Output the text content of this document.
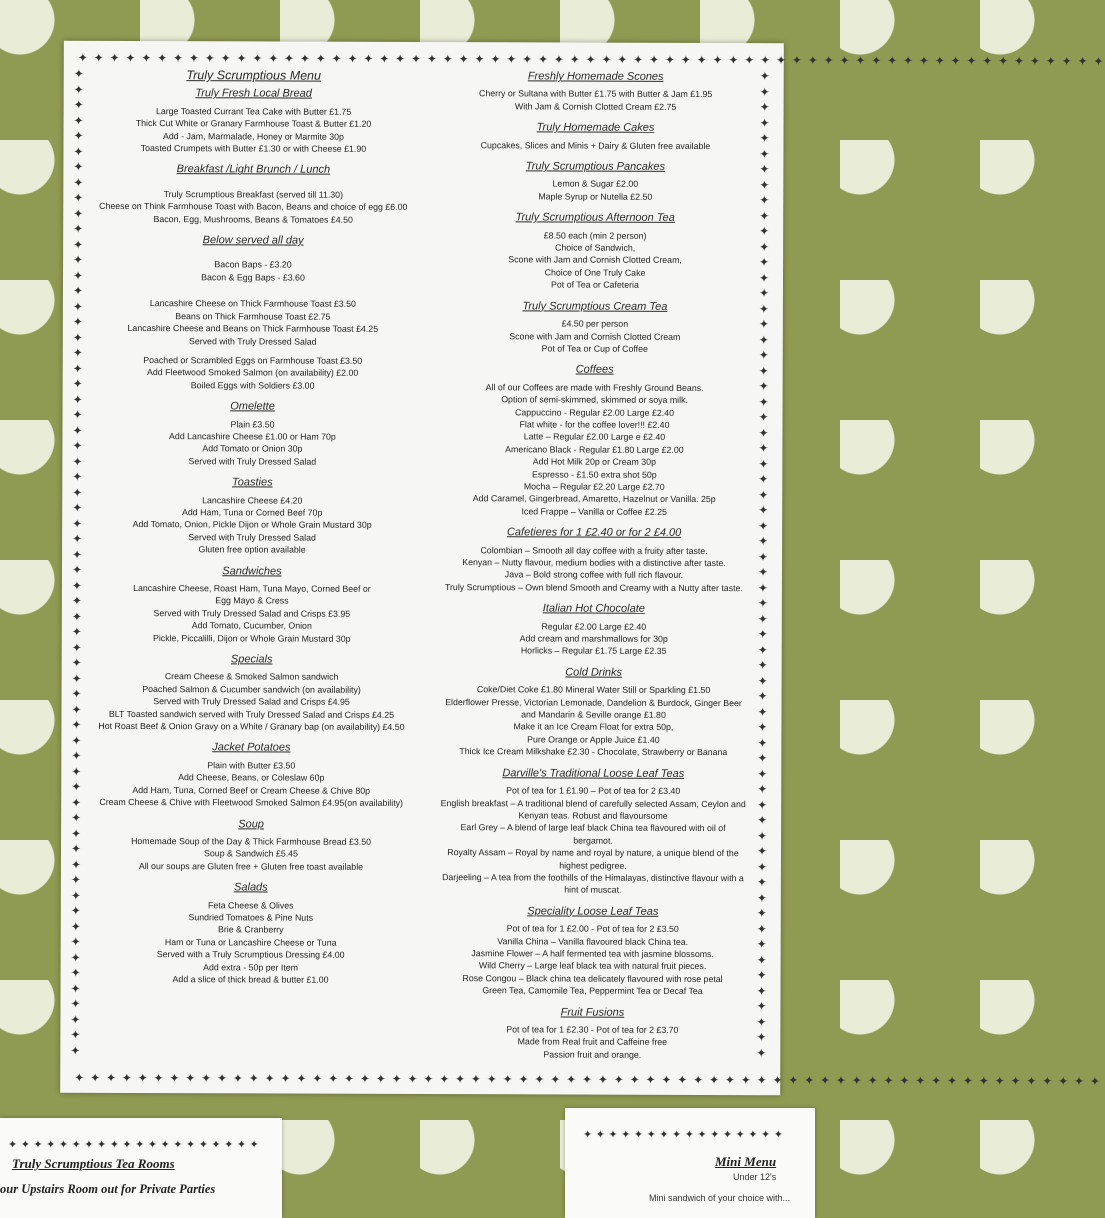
✦ ✦ ✦ ✦ ✦ ✦ ✦ ✦ ✦ ✦ ✦ ✦ ✦ ✦ ✦ ✦ ✦ ✦ ✦ ✦ ✦ ✦ ✦ ✦ ✦ ✦ ✦ ✦ ✦ ✦ ✦ ✦ ✦ ✦ ✦ ✦ ✦ ✦ ✦ ✦ ✦ ✦ ✦ ✦ ✦ ✦ ✦ ✦ ✦ ✦ ✦ ✦ ✦ ✦ ✦ ✦ ✦ ✦ ✦ ✦ ✦ ✦ ✦ ✦ ✦
✦✦✦✦✦✦✦✦✦✦✦✦✦✦✦✦✦✦✦✦✦✦✦✦✦✦✦✦✦✦✦✦✦✦✦✦✦✦✦✦✦✦✦✦✦✦✦✦✦✦✦✦✦✦✦✦✦✦✦✦✦✦✦✦
✦✦✦✦✦✦✦✦✦✦✦✦✦✦✦✦✦✦✦✦✦✦✦✦✦✦✦✦✦✦✦✦✦✦✦✦✦✦✦✦✦✦✦✦✦✦✦✦✦✦✦✦✦✦✦✦✦✦✦✦✦✦✦✦
✦ ✦ ✦ ✦ ✦ ✦ ✦ ✦ ✦ ✦ ✦ ✦ ✦ ✦ ✦ ✦ ✦ ✦ ✦ ✦ ✦ ✦ ✦ ✦ ✦ ✦ ✦ ✦ ✦ ✦ ✦ ✦ ✦ ✦ ✦ ✦ ✦ ✦ ✦ ✦ ✦ ✦ ✦ ✦ ✦ ✦ ✦ ✦ ✦ ✦ ✦ ✦ ✦ ✦ ✦ ✦ ✦ ✦ ✦ ✦ ✦ ✦ ✦ ✦ ✦
Truly Scrumptious Menu
Truly Fresh Local Bread
Large Toasted Currant Tea Cake with Butter £1.75
Thick Cut White or Granary Farmhouse Toast & Butter £1.20
Add - Jam, Marmalade, Honey or Marmite 30p
Toasted Crumpets with Butter £1.30 or with Cheese £1.90
Breakfast /Light Brunch / Lunch
Truly Scrumptious Breakfast (served till 11.30)
Cheese on Think Farmhouse Toast with Bacon, Beans and choice of egg £6.00
Bacon, Egg, Mushrooms, Beans & Tomatoes £4.50
Below served all day
Bacon Baps - £3.20
Bacon & Egg Baps - £3.60
Lancashire Cheese on Thick Farmhouse Toast £3.50
Beans on Thick Farmhouse Toast £2.75
Lancashire Cheese and Beans on Thick Farmhouse Toast £4.25
Served with Truly Dressed Salad
Poached or Scrambled Eggs on Farmhouse Toast £3.50
Add Fleetwood Smoked Salmon (on availability) £2.00
Boiled Eggs with Soldiers £3.00
Omelette
Plain £3.50
Add Lancashire Cheese £1.00 or Ham 70p
Add Tomato or Onion 30p
Served with Truly Dressed Salad
Toasties
Lancashire Cheese £4.20
Add Ham, Tuna or Corned Beef 70p
Add Tomato, Onion, Pickle Dijon or Whole Grain Mustard 30p
Served with Truly Dressed Salad
Gluten free option available
Sandwiches
Lancashire Cheese, Roast Ham, Tuna Mayo, Corned Beef or
Egg Mayo & Cress
Served with Truly Dressed Salad and Crisps £3.95
Add Tomato, Cucumber, Onion
Pickle, Piccalilli, Dijon or Whole Grain Mustard 30p
Specials
Cream Cheese & Smoked Salmon sandwich
Poached Salmon & Cucumber sandwich (on availability)
Served with Truly Dressed Salad and Crisps £4.95
BLT Toasted sandwich served with Truly Dressed Salad and Crisps £4.25
Hot Roast Beef & Onion Gravy on a White / Granary bap (on availability) £4.50
Jacket Potatoes
Plain with Butter £3.50
Add Cheese, Beans, or Coleslaw 60p
Add Ham, Tuna, Corned Beef or Cream Cheese & Chive 80p
Cream Cheese & Chive with Fleetwood Smoked Salmon £4.95(on availability)
Soup
Homemade Soup of the Day & Thick Farmhouse Bread £3.50
Soup & Sandwich £5.45
All our soups are Gluten free + Gluten free toast available
Salads
Feta Cheese & Olives
Sundried Tomatoes & Pine Nuts
Brie & Cranberry
Ham or Tuna or Lancashire Cheese or Tuna
Served with a Truly Scrumptious Dressing £4.00
Add extra - 50p per Item
Add a slice of thick bread & butter £1.00
Freshly Homemade Scones
Cherry or Sultana with Butter £1.75 with Butter & Jam £1.95
With Jam & Cornish Clotted Cream £2.75
Truly Homemade Cakes
Cupcakes, Slices and Minis + Dairy & Gluten free available
Truly Scrumptious Pancakes
Lemon & Sugar £2.00
Maple Syrup or Nutella £2.50
Truly Scrumptious Afternoon Tea
£8.50 each (min 2 person)
Choice of Sandwich,
Scone with Jam and Cornish Clotted Cream,
Choice of One Truly Cake
Pot of Tea or Cafeteria
Truly Scrumptious Cream Tea
£4.50 per person
Scone with Jam and Cornish Clotted Cream
Pot of Tea or Cup of Coffee
Coffees
All of our Coffees are made with Freshly Ground Beans.
Option of semi-skimmed, skimmed or soya milk.
Cappuccino - Regular £2.00 Large £2.40
Flat white - for the coffee lover!!! £2.40
Latte – Regular £2.00 Large e £2.40
Americano Black - Regular £1.80 Large £2.00
Add Hot Milk 20p or Cream 30p
Espresso - £1.50 extra shot 50p
Mocha – Regular £2.20 Large £2.70
Add Caramel, Gingerbread, Amaretto, Hazelnut or Vanilla. 25p
Iced Frappe – Vanilla or Coffee £2.25
Cafetieres for 1 £2.40 or for 2 £4.00
Colombian – Smooth all day coffee with a fruity after taste.
Kenyan – Nutty flavour, medium bodies with a distinctive after taste.
Java – Bold strong coffee with full rich flavour.
Truly Scrumptious – Own blend Smooth and Creamy with a Nutty after taste.
Italian Hot Chocolate
Regular £2.00 Large £2.40
Add cream and marshmallows for 30p
Horlicks – Regular £1.75 Large £2.35
Cold Drinks
Coke/Diet Coke £1.80 Mineral Water Still or Sparkling £1.50
Elderflower Presse, Victorian Lemonade, Dandelion & Burdock, Ginger Beer
and Mandarin & Seville orange £1.80
Make it an Ice Cream Float for extra 50p,
Pure Orange or Apple Juice £1.40
Thick Ice Cream Milkshake £2.30 - Chocolate, Strawberry or Banana
Darville's Traditional Loose Leaf Teas
Pot of tea for 1 £1.90 – Pot of tea for 2 £3.40
English breakfast – A traditional blend of carefully selected Assam, Ceylon and
Kenyan teas. Robust and flavoursome
Earl Grey – A blend of large leaf black China tea flavoured with oil of
bergamot.
Royalty Assam – Royal by name and royal by nature, a unique blend of the
highest pedigree.
Darjeeling – A tea from the foothills of the Himalayas, distinctive flavour with a
hint of muscat.
Speciality Loose Leaf Teas
Pot of tea for 1 £2.00 - Pot of tea for 2 £3.50
Vanilla China – Vanilla flavoured black China tea.
Jasmine Flower – A half fermented tea with jasmine blossoms.
Wild Cherry – Large leaf black tea with natural fruit pieces.
Rose Congou – Black china tea delicately flavoured with rose petal
Green Tea, Camomile Tea, Peppermint Tea or Decaf Tea
Fruit Fusions
Pot of tea for 1 £2.30 - Pot of tea for 2 £3.70
Made from Real fruit and Caffeine free
Passion fruit and orange.
✦ ✦ ✦ ✦ ✦ ✦ ✦ ✦ ✦ ✦ ✦ ✦ ✦ ✦ ✦ ✦ ✦ ✦ ✦ ✦
Truly Scrumptious Tea Rooms
our Upstairs Room out for Private Parties
✦ ✦ ✦ ✦ ✦ ✦ ✦ ✦ ✦ ✦ ✦ ✦ ✦ ✦ ✦ ✦
Mini Menu
Under 12's
Mini sandwich of your choice with...
